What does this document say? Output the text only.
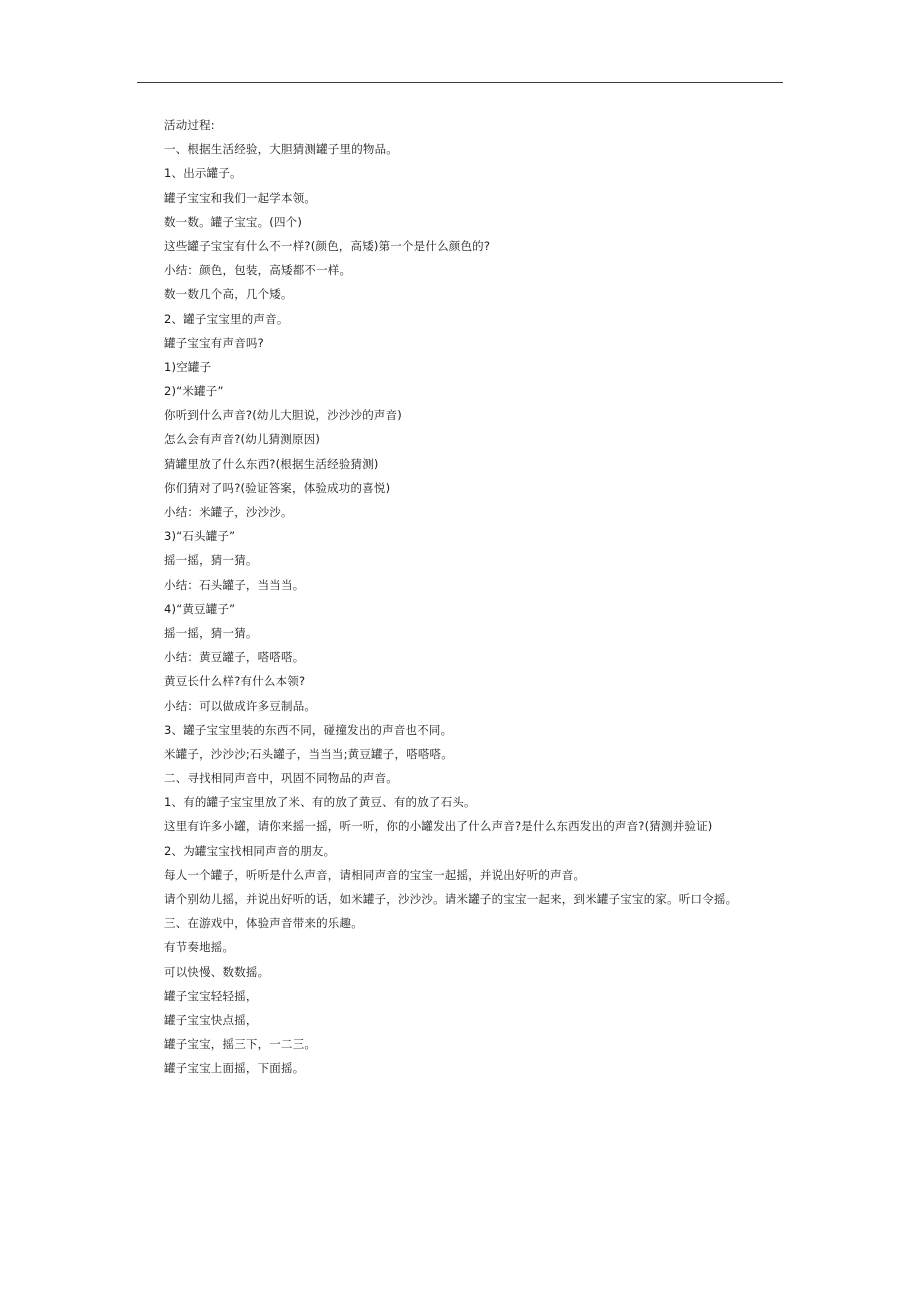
活动过程:
一、根据生活经验，大胆猜测罐子里的物品。
1、出示罐子。
罐子宝宝和我们一起学本领。
数一数。罐子宝宝。(四个)
这些罐子宝宝有什么不一样?(颜色，高矮)第一个是什么颜色的?
小结：颜色，包装，高矮都不一样。
数一数几个高，几个矮。
2、罐子宝宝里的声音。
罐子宝宝有声音吗?
1)空罐子
2)“米罐子”
你听到什么声音?(幼儿大胆说，沙沙沙的声音)
怎么会有声音?(幼儿猜测原因)
猜罐里放了什么东西?(根据生活经验猜测)
你们猜对了吗?(验证答案，体验成功的喜悦)
小结：米罐子，沙沙沙。
3)“石头罐子”
摇一摇，猜一猜。
小结：石头罐子，当当当。
4)“黄豆罐子”
摇一摇，猜一猜。
小结：黄豆罐子，嗒嗒嗒。
黄豆长什么样?有什么本领?
小结：可以做成许多豆制品。
3、罐子宝宝里装的东西不同，碰撞发出的声音也不同。
米罐子，沙沙沙;石头罐子，当当当;黄豆罐子，嗒嗒嗒。
二、寻找相同声音中，巩固不同物品的声音。
1、有的罐子宝宝里放了米、有的放了黄豆、有的放了石头。
这里有许多小罐，请你来摇一摇，听一听，你的小罐发出了什么声音?是什么东西发出的声音?(猜测并验证)
2、为罐宝宝找相同声音的朋友。
每人一个罐子，听听是什么声音，请相同声音的宝宝一起摇，并说出好听的声音。
请个别幼儿摇，并说出好听的话，如米罐子，沙沙沙。请米罐子的宝宝一起来，到米罐子宝宝的家。听口令摇。
三、在游戏中，体验声音带来的乐趣。
有节奏地摇。
可以快慢、数数摇。
罐子宝宝轻轻摇，
罐子宝宝快点摇，
罐子宝宝，摇三下，一二三。
罐子宝宝上面摇，下面摇。
